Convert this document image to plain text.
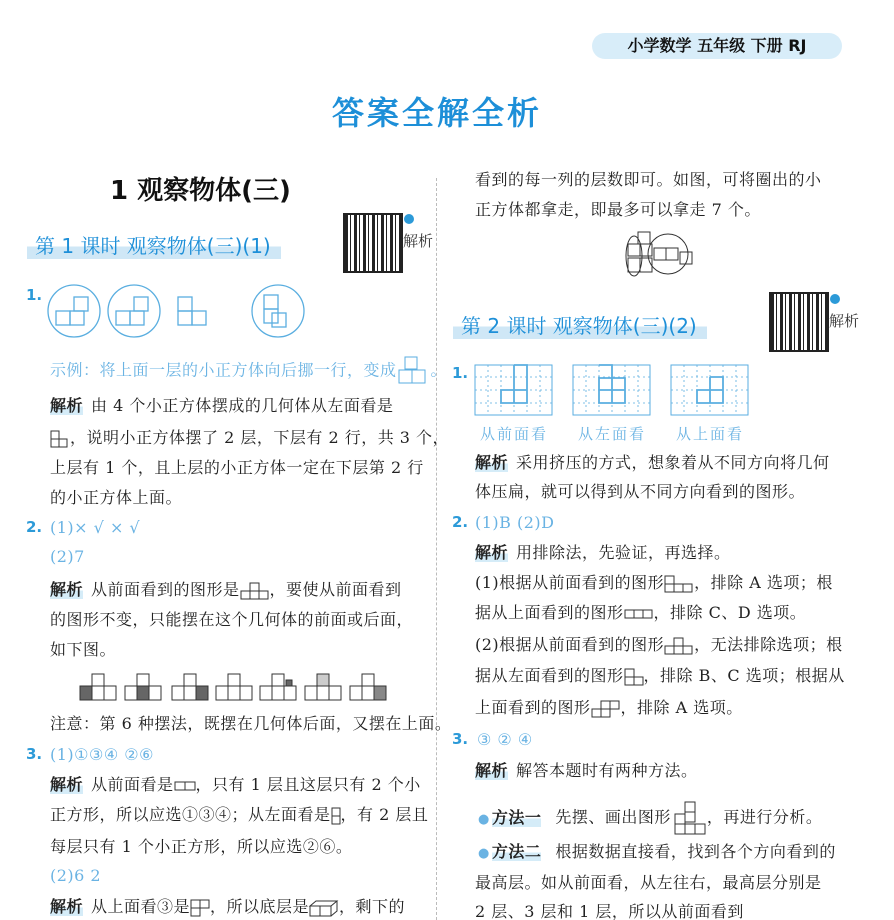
小学数学 五年级 下册 RJ
答案全解全析
1 观察物体(三)
第 1 课时 观察物体(三)(1)	解析
1.
示例：将上面一层的小正方体向后挪一行，变成 。
解析 由 4 个小正方体摆成的几何体从左面看是
，说明小正方体摆了 2 层，下层有 2 行，共 3 个，
上层有 1 个，且上层的小正方体一定在下层第 2 行
的小正方体上面。
2. (1)× √ × √
(2)7
解析 从前面看到的图形是 ，要使从前面看到
的图形不变，只能摆在这个几何体的前面或后面，
如下图。
注意：第 6 种摆法，既摆在几何体后面，又摆在上面。
3. (1)①③④ ②⑥
解析 从前面看是 ，只有 1 层且这层只有 2 个小
正方形，所以应选①③④；从左面看是 ，有 2 层且
每层只有 1 个小正方形，所以应选②⑥。
(2)6 2
解析 从上面看③是 ，所以底层是 ，剩下的
看到的每一列的层数即可。如图，可将圈出的小
正方体都拿走，即最多可以拿走 7 个。
第 2 课时 观察物体(三)(2)	解析
1.
从前面看 从左面看 从上面看
解析 采用挤压的方式，想象着从不同方向将几何
体压扁，就可以得到从不同方向看到的图形。
2. (1)B (2)D
解析 用排除法，先验证，再选择。
(1)根据从前面看到的图形 ，排除 A 选项；根
据从上面看到的图形 ，排除 C、D 选项。
(2)根据从前面看到的图形 ，无法排除选项；根
据从左面看到的图形 ，排除 B、C 选项；根据从
上面看到的图形 ，排除 A 选项。
3. ③ ② ④
解析 解答本题时有两种方法。
● 方法一 先摆、画出图形 ，再进行分析。
● 方法二 根据数据直接看，找到各个方向看到的
最高层。如从前面看，从左往右，最高层分别是
2 层、3 层和 1 层，所以从前面看到
